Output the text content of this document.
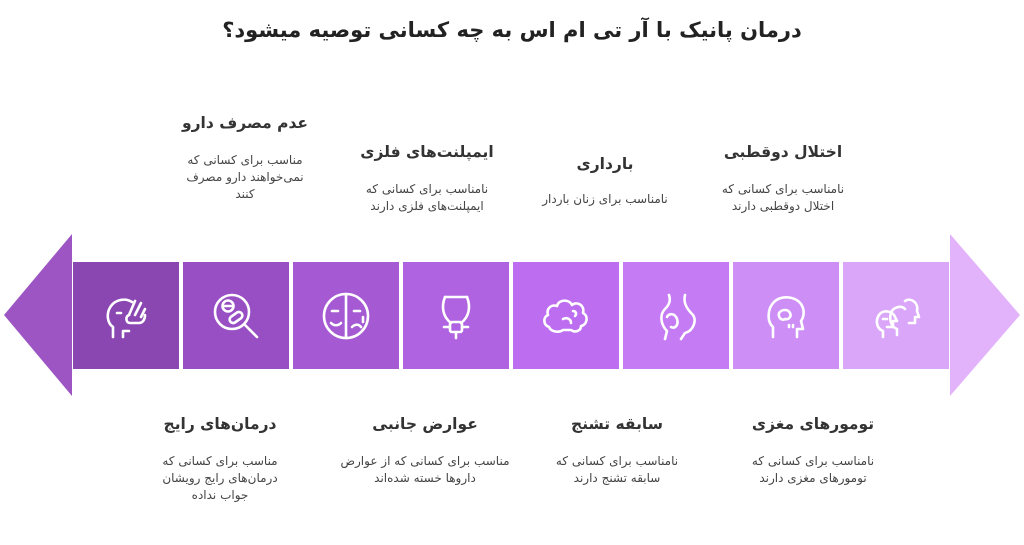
درمان پانیک با آر تی ام اس به چه کسانی توصیه میشود؟
اختلال دوقطبی
نامناسب برای کسانی که اختلال دوقطبی دارند
بارداری
نامناسب برای زنان باردار
ایمپلنت‌های فلزی
نامناسب برای کسانی که ایمپلنت‌های فلزی دارند
عدم مصرف دارو
مناسب برای کسانی که نمی‌خواهند دارو مصرف کنند
تومورهای مغزی
نامناسب برای کسانی که تومورهای مغزی دارند
سابقه تشنج
نامناسب برای کسانی که سابقه تشنج دارند
عوارض جانبی
مناسب برای کسانی که از عوارض داروها خسته شده‌اند
درمان‌های رایج
مناسب برای کسانی که درمان‌های رایج رویشان جواب نداده
